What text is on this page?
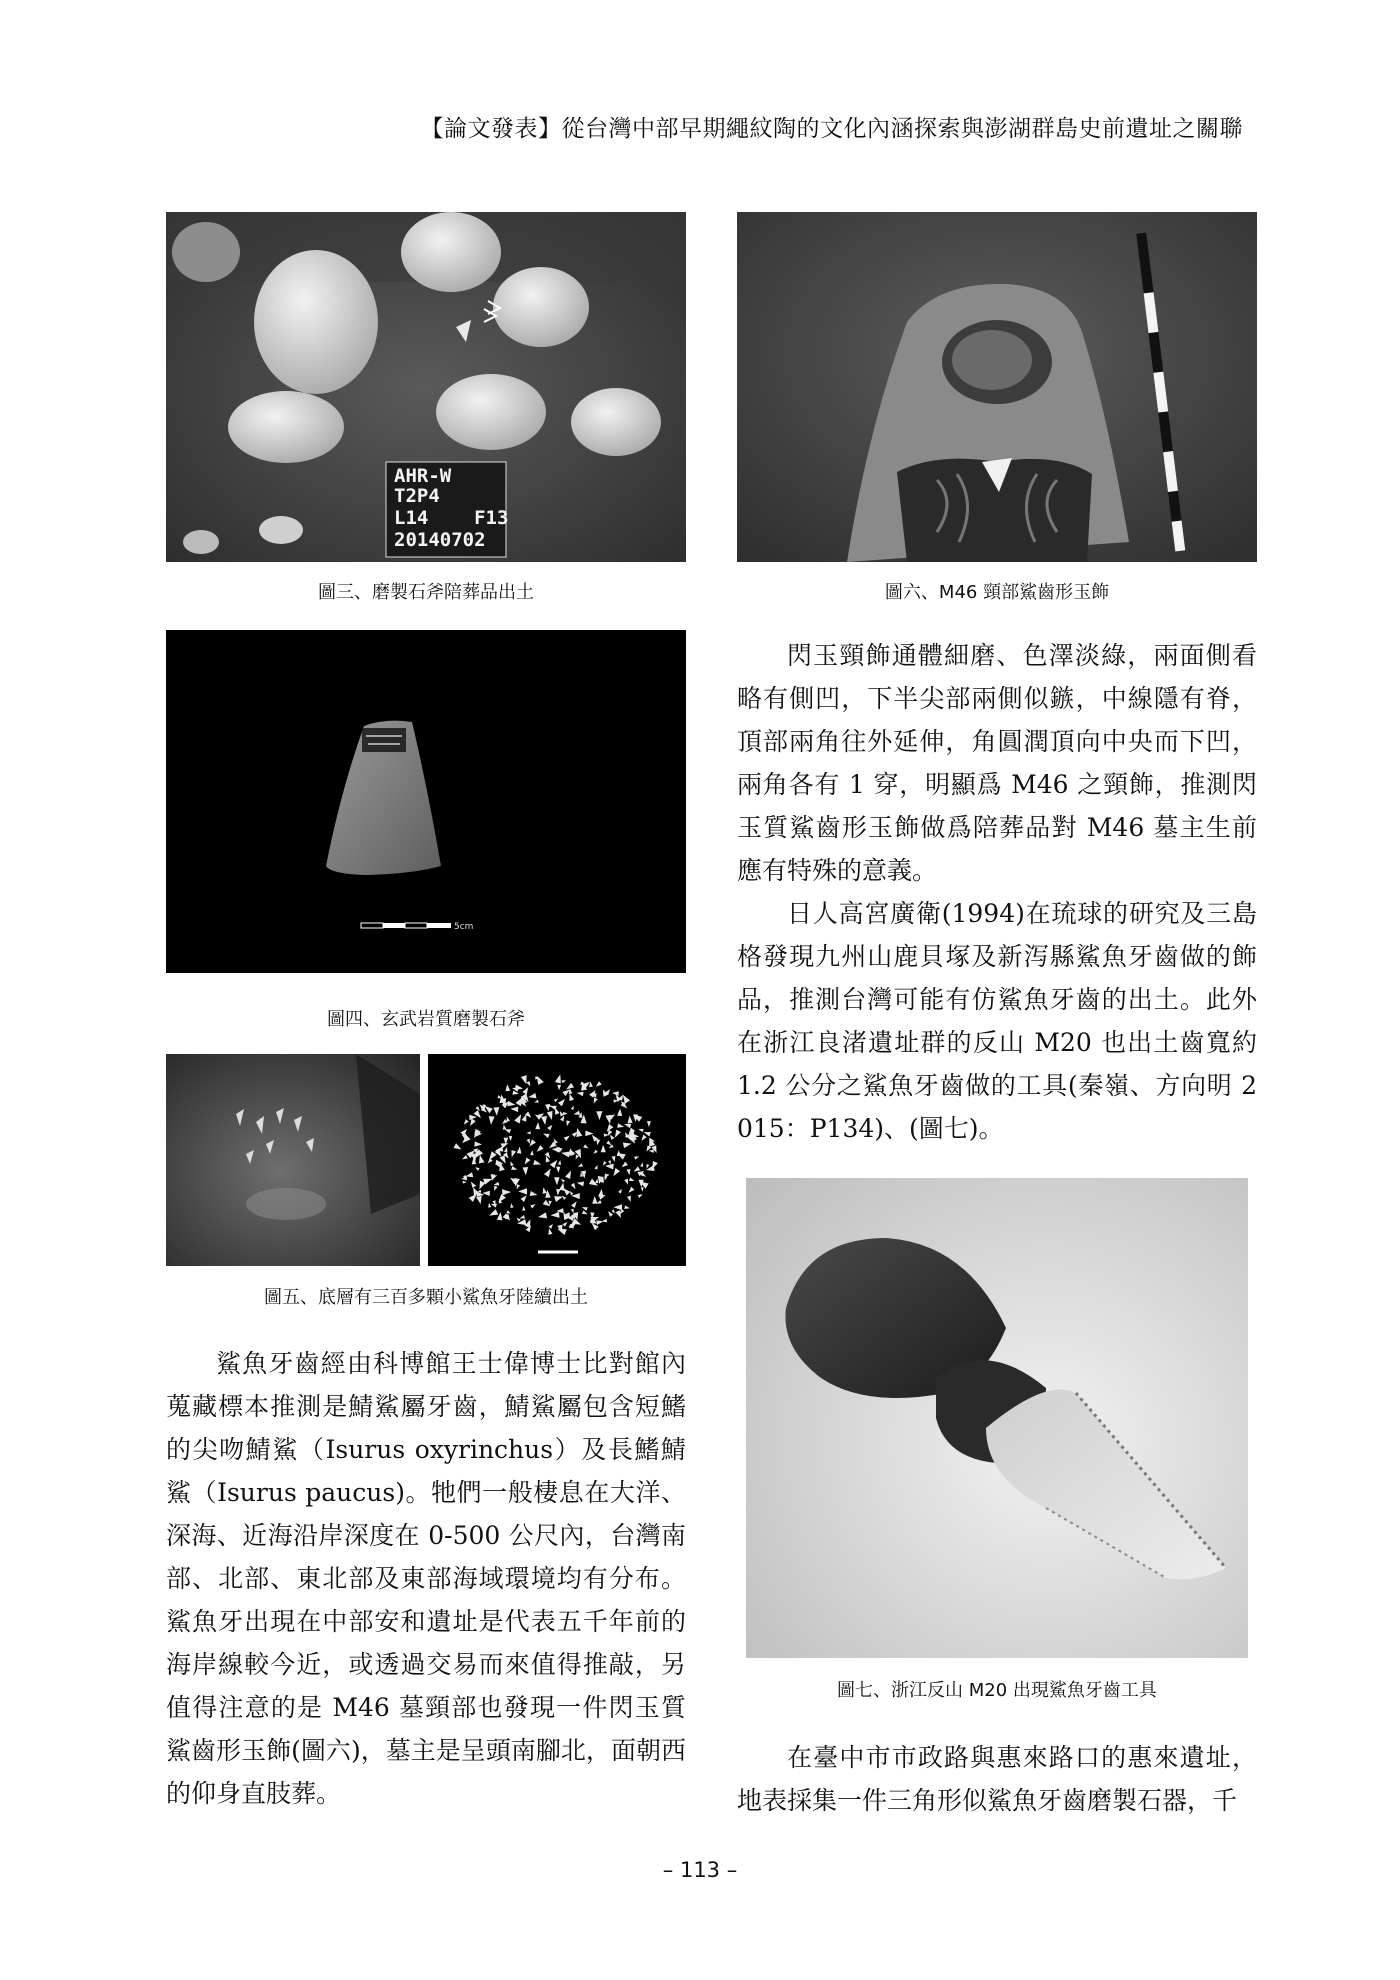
【論文發表】從台灣中部早期繩紋陶的文化內涵探索與澎湖群島史前遺址之關聯
AHR-W
T2P4
L14    F13
20140702
圖三、磨製石斧陪葬品出土
5cm
圖四、玄武岩質磨製石斧
圖五、底層有三百多顆小鯊魚牙陸續出土
圖六、M46 頸部鯊齒形玉飾
圖七、浙江反山 M20 出現鯊魚牙齒工具

鯊魚牙齒經由科博館王士偉博士比對館內蒐藏標本推測是鯖鯊屬牙齒，鯖鯊屬包含短鰭的尖吻鯖鯊（Isurus oxyrinchus）及長鰭鯖鯊（Isurus paucus)。牠們一般棲息在大洋、深海、近海沿岸深度在 0-500 公尺內，台灣南部、北部、東北部及東部海域環境均有分布。鯊魚牙出現在中部安和遺址是代表五千年前的海岸線較今近，或透過交易而來值得推敲，另值得注意的是 M46 墓頸部也發現一件閃玉質鯊齒形玉飾(圖六)，墓主是呈頭南腳北，面朝西的仰身直肢葬。

閃玉頸飾通體細磨、色澤淡綠，兩面側看略有側凹，下半尖部兩側似鏃，中線隱有脊，頂部兩角往外延伸，角圓潤頂向中央而下凹，兩角各有 1 穿，明顯爲 M46 之頸飾，推測閃玉質鯊齒形玉飾做爲陪葬品對 M46 墓主生前應有特殊的意義。

日人高宮廣衛(1994)在琉球的研究及三島格發現九州山鹿貝塚及新泻縣鯊魚牙齒做的飾品，推測台灣可能有仿鯊魚牙齒的出土。此外在浙江良渚遺址群的反山 M20 也出土齒寬約 1.2 公分之鯊魚牙齒做的工具(秦嶺、方向明 2015：P134)、(圖七)。

在臺中市市政路與惠來路口的惠來遺址，地表採集一件三角形似鯊魚牙齒磨製石器，千

– 113 –
